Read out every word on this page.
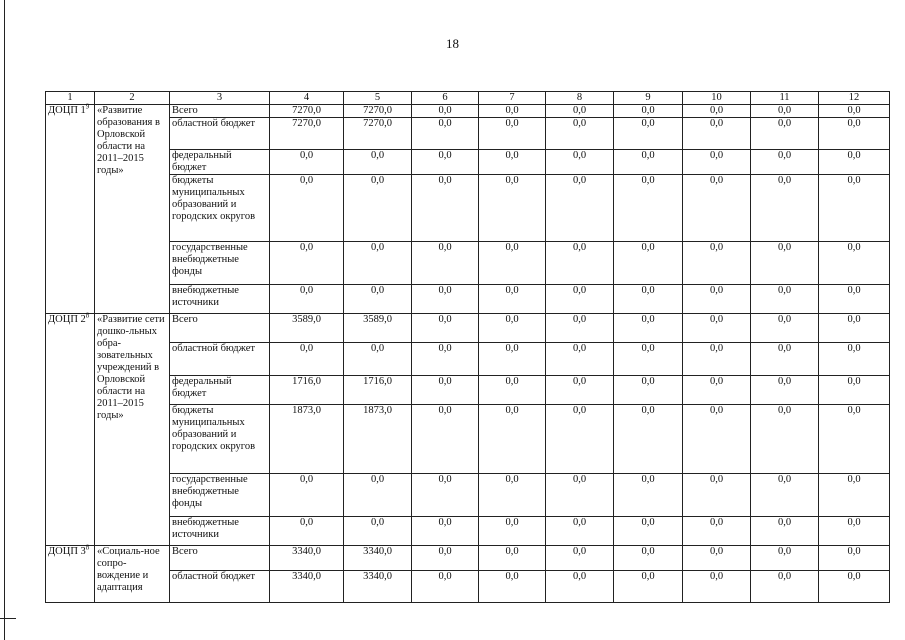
18
1	2	3	4	5	6	7	8	9	10	11	12
ДОЦП 1$^9$	«Развитие образования в Орловской области на 2011–2015 годы»	Всего	7270,0	7270,0	0,0	0,0	0,0	0,0	0,0	0,0	0,0
		областной бюджет	7270,0	7270,0	0,0	0,0	0,0	0,0	0,0	0,0	0,0
		федеральный бюджет	0,0	0,0	0,0	0,0	0,0	0,0	0,0	0,0	0,0
		бюджеты муниципальных образований и городских округов	0,0	0,0	0,0	0,0	0,0	0,0	0,0	0,0	0,0
		государственные внебюджетные фонды	0,0	0,0	0,0	0,0	0,0	0,0	0,0	0,0	0,0
		внебюджетные источники	0,0	0,0	0,0	0,0	0,0	0,0	0,0	0,0	0,0
ДОЦП 2$^8$	«Развитие сети дошко-льных обра-зовательных учреждений в Орловской области на 2011–2015 годы»	Всего	3589,0	3589,0	0,0	0,0	0,0	0,0	0,0	0,0	0,0
		областной бюджет	0,0	0,0	0,0	0,0	0,0	0,0	0,0	0,0	0,0
		федеральный бюджет	1716,0	1716,0	0,0	0,0	0,0	0,0	0,0	0,0	0,0
		бюджеты муниципальных образований и городских округов	1873,0	1873,0	0,0	0,0	0,0	0,0	0,0	0,0	0,0
		государственные внебюджетные фонды	0,0	0,0	0,0	0,0	0,0	0,0	0,0	0,0	0,0
		внебюджетные источники	0,0	0,0	0,0	0,0	0,0	0,0	0,0	0,0	0,0
ДОЦП 3$^8$	«Социаль-ное сопро-вождение и адаптация	Всего	3340,0	3340,0	0,0	0,0	0,0	0,0	0,0	0,0	0,0
		областной бюджет	3340,0	3340,0	0,0	0,0	0,0	0,0	0,0	0,0	0,0
